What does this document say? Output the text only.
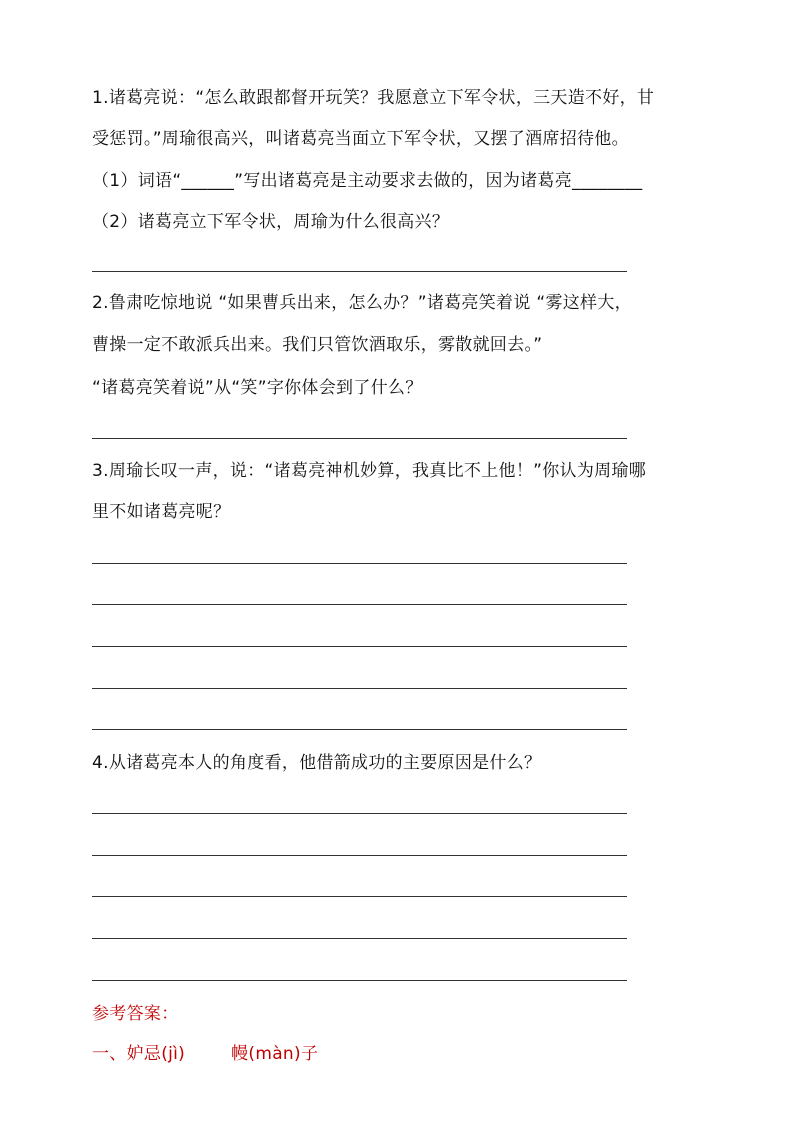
1.诸葛亮说：“怎么敢跟都督开玩笑？我愿意立下军令状，三天造不好，甘
受惩罚。”周瑜很高兴，叫诸葛亮当面立下军令状，又摆了酒席招待他。
（1）词语“______”写出诸葛亮是主动要求去做的，因为诸葛亮________
（2）诸葛亮立下军令状，周瑜为什么很高兴？
2.鲁肃吃惊地说 “如果曹兵出来，怎么办？”诸葛亮笑着说 “雾这样大，
曹操一定不敢派兵出来。我们只管饮酒取乐，雾散就回去。”
“诸葛亮笑着说”从“笑”字你体会到了什么？
3.周瑜长叹一声，说：“诸葛亮神机妙算，我真比不上他！”你认为周瑜哪
里不如诸葛亮呢？
4.从诸葛亮本人的角度看，他借箭成功的主要原因是什么？
参考答案：
一、妒忌(jì)	幔(màn)子
